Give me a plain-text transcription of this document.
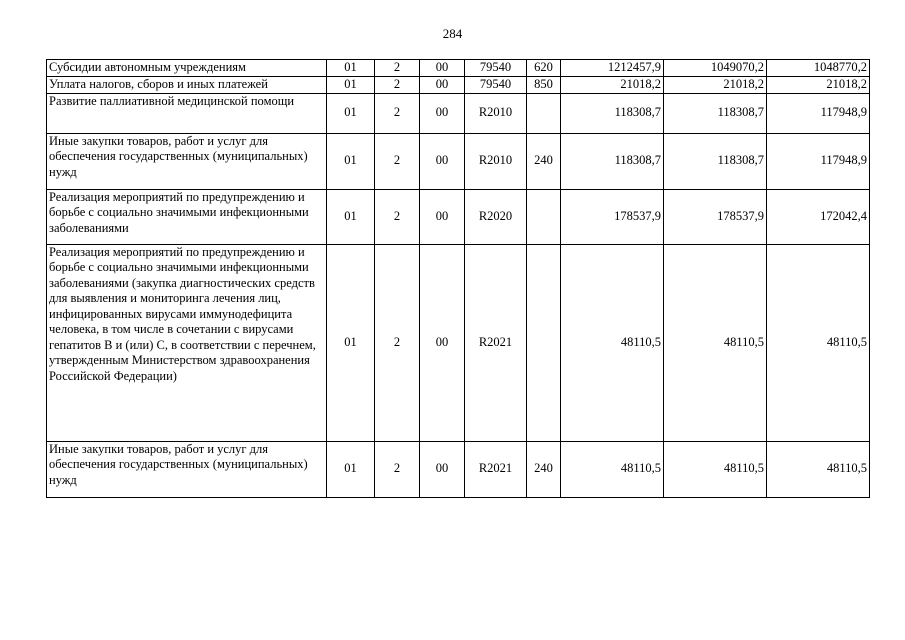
284
Субсидии автономным учреждениям	01	2	00	79540	620	1212457,9	1049070,2	1048770,2
Уплата налогов, сборов и иных платежей	01	2	00	79540	850	21018,2	21018,2	21018,2
Развитие паллиативной медицинской помощи	01	2	00	R2010		118308,7	118308,7	117948,9
Иные закупки товаров, работ и услуг для обеспечения государственных (муниципальных) нужд	01	2	00	R2010	240	118308,7	118308,7	117948,9
Реализация мероприятий по предупреждению и борьбе с социально значимыми инфекционными заболеваниями	01	2	00	R2020		178537,9	178537,9	172042,4
Реализация мероприятий по предупреждению и борьбе с социально значимыми инфекционными заболеваниями (закупка диагностических средств для выявления и мониторинга лечения лиц, инфицированных вирусами иммунодефицита человека, в том числе в сочетании с вирусами гепатитов B и (или) C, в соответствии с перечнем, утвержденным Министерством здравоохранения Российской Федерации)	01	2	00	R2021		48110,5	48110,5	48110,5
Иные закупки товаров, работ и услуг для обеспечения государственных (муниципальных) нужд	01	2	00	R2021	240	48110,5	48110,5	48110,5
